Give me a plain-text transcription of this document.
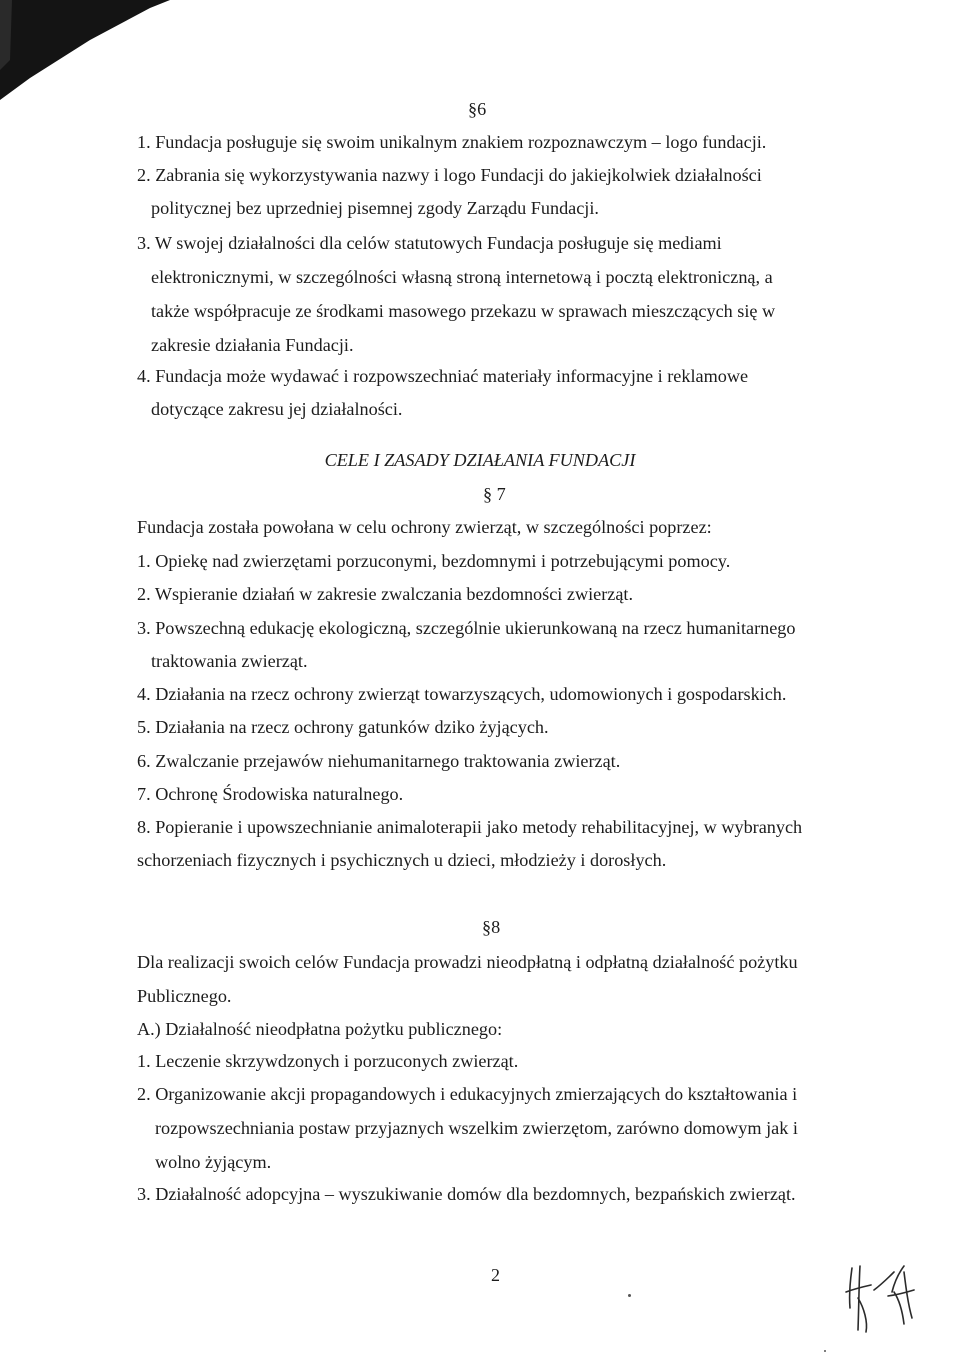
§6
1. Fundacja posługuje się swoim unikalnym znakiem rozpoznawczym – logo fundacji.
2. Zabrania się wykorzystywania nazwy i logo Fundacji do jakiejkolwiek działalności
politycznej bez uprzedniej pisemnej zgody Zarządu Fundacji.
3. W swojej działalności dla celów statutowych Fundacja posługuje się mediami
elektronicznymi, w szczególności własną stroną internetową i pocztą elektroniczną, a
także współpracuje ze środkami masowego przekazu w sprawach mieszczących się w
zakresie działania Fundacji.
4. Fundacja może wydawać i rozpowszechniać materiały informacyjne i reklamowe
dotyczące zakresu jej działalności.
CELE I ZASADY DZIAŁANIA FUNDACJI
§ 7
Fundacja została powołana w celu ochrony zwierząt, w szczególności poprzez:
1. Opiekę nad zwierzętami porzuconymi, bezdomnymi i potrzebującymi pomocy.
2. Wspieranie działań w zakresie zwalczania bezdomności zwierząt.
3. Powszechną edukację ekologiczną, szczególnie ukierunkowaną na rzecz humanitarnego
traktowania zwierząt.
4. Działania na rzecz ochrony zwierząt towarzyszących, udomowionych i gospodarskich.
5. Działania na rzecz ochrony gatunków dziko żyjących.
6. Zwalczanie przejawów niehumanitarnego traktowania zwierząt.
7. Ochronę Środowiska naturalnego.
8. Popieranie i upowszechnianie animaloterapii jako metody rehabilitacyjnej, w wybranych
schorzeniach fizycznych i psychicznych u dzieci, młodzieży i dorosłych.
§8
Dla realizacji swoich celów Fundacja prowadzi nieodpłatną i odpłatną działalność pożytku
Publicznego.
A.) Działalność nieodpłatna pożytku publicznego:
1. Leczenie skrzywdzonych i porzuconych zwierząt.
2. Organizowanie akcji propagandowych i edukacyjnych zmierzających do kształtowania i
rozpowszechniania postaw przyjaznych wszelkim zwierzętom, zarówno domowym jak i
wolno żyjącym.
3. Działalność adopcyjna – wyszukiwanie domów dla bezdomnych, bezpańskich zwierząt.
2
